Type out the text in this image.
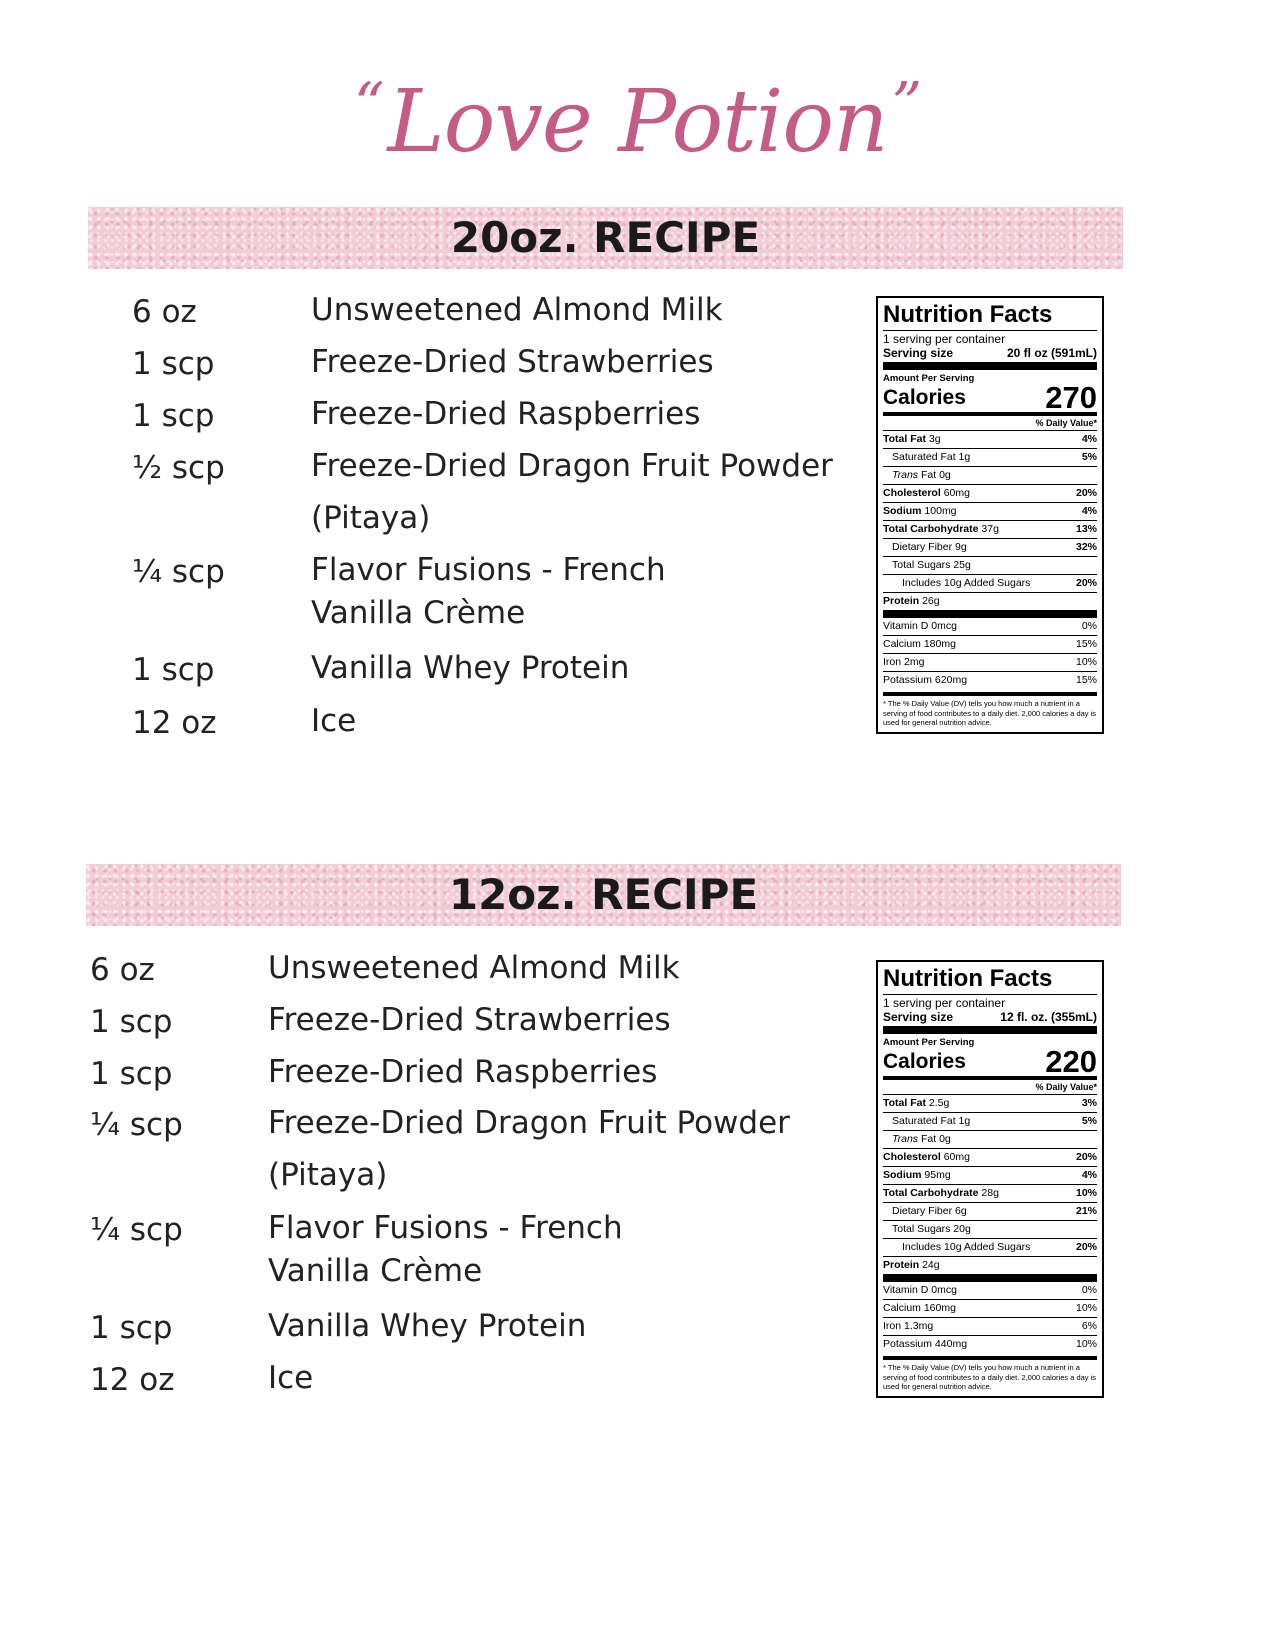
“Love Potion”
20oz. RECIPE
6 oz	Unsweetened Almond Milk
1 scp	Freeze-Dried Strawberries
1 scp	Freeze-Dried Raspberries
½ scp	Freeze-Dried Dragon Fruit Powder
(Pitaya)
¼ scp	Flavor Fusions - French
Vanilla Crème
1 scp	Vanilla Whey Protein
12 oz	Ice
Nutrition Facts
1 serving per container
Serving size	20 fl oz (591mL)
Amount Per Serving
Calories	270
% Daily Value*
Total Fat 3g	4%
Saturated Fat 1g	5%
Trans Fat 0g
Cholesterol 60mg	20%
Sodium 100mg	4%
Total Carbohydrate 37g	13%
Dietary Fiber 9g	32%
Total Sugars 25g
Includes 10g Added Sugars	20%
Protein 26g
Vitamin D 0mcg	0%
Calcium 180mg	15%
Iron 2mg	10%
Potassium 620mg	15%
* The % Daily Value (DV) tells you how much a nutrient in a serving of food contributes to a daily diet. 2,000 calories a day is used for general nutrition advice.
12oz. RECIPE
6 oz	Unsweetened Almond Milk
1 scp	Freeze-Dried Strawberries
1 scp	Freeze-Dried Raspberries
¼ scp	Freeze-Dried Dragon Fruit Powder
(Pitaya)
¼ scp	Flavor Fusions - French
Vanilla Crème
1 scp	Vanilla Whey Protein
12 oz	Ice
Nutrition Facts
1 serving per container
Serving size	12 fl. oz. (355mL)
Amount Per Serving
Calories	220
% Daily Value*
Total Fat 2.5g	3%
Saturated Fat 1g	5%
Trans Fat 0g
Cholesterol 60mg	20%
Sodium 95mg	4%
Total Carbohydrate 28g	10%
Dietary Fiber 6g	21%
Total Sugars 20g
Includes 10g Added Sugars	20%
Protein 24g
Vitamin D 0mcg	0%
Calcium 160mg	10%
Iron 1.3mg	6%
Potassium 440mg	10%
* The % Daily Value (DV) tells you how much a nutrient in a serving of food contributes to a daily diet. 2,000 calories a day is used for general nutrition advice.
